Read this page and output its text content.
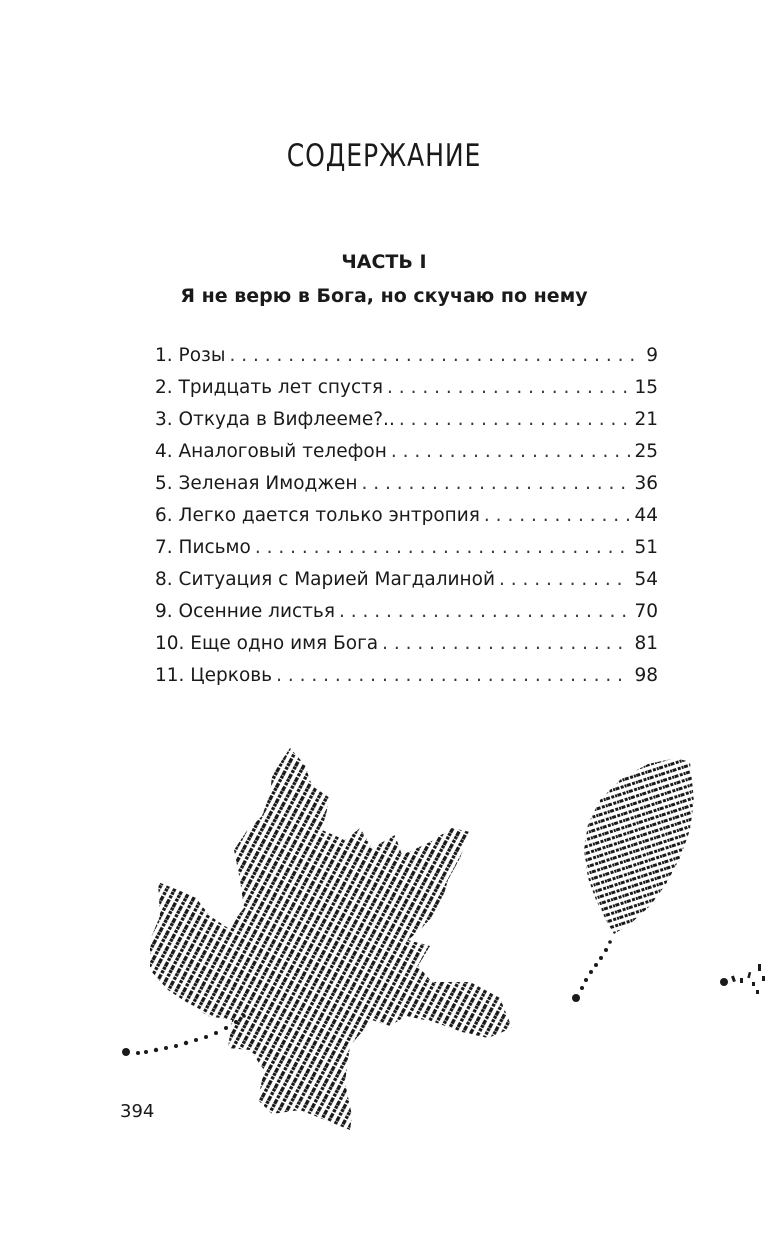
СОДЕРЖАНИЕ
ЧАСТЬ I
Я не верю в Бога, но скучаю по нему
1. Розы . . .	9
2. Тридцать лет спустя . . .	15
3. Откуда в Вифлееме?.. . . .	21
4. Аналоговый телефон . . .	25
5. Зеленая Имоджен . . .	36
6. Легко дается только энтропия . . .	44
7. Письмо . . .	51
8. Ситуация с Марией Магдалиной . . .	54
9. Осенние листья . . .	70
10. Еще одно имя Бога . . .	81
11. Церковь . . .	98

394
